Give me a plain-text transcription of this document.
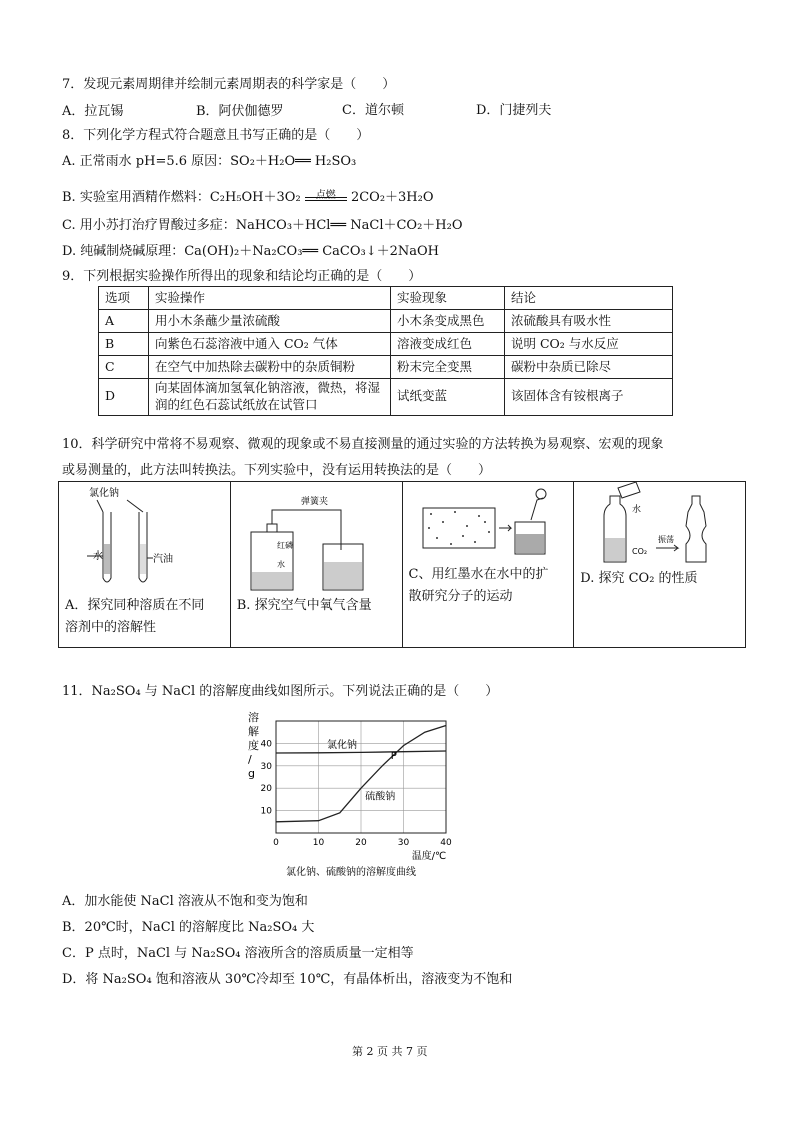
7．发现元素周期律并绘制元素周期表的科学家是（　　）
A．拉瓦锡	B．阿伏伽德罗	C．道尔顿	D．门捷列夫
8．下列化学方程式符合题意且书写正确的是（　　）
A. 正常雨水 pH=5.6 原因：SO₂＋H₂O══ H₂SO₃
B. 实验室用酒精作燃料：C₂H₅OH＋3O₂	点燃	2CO₂＋3H₂O
C. 用小苏打治疗胃酸过多症：NaHCO₃＋HCl══ NaCl＋CO₂＋H₂O
D. 纯碱制烧碱原理：Ca(OH)₂＋Na₂CO₃══ CaCO₃↓＋2NaOH
9．下列根据实验操作所得出的现象和结论均正确的是（　　）
选项	实验操作	实验现象	结论
A	用小木条蘸少量浓硫酸	小木条变成黑色	浓硫酸具有吸水性
B	向紫色石蕊溶液中通入 CO₂ 气体	溶液变成红色	说明 CO₂ 与水反应
C	在空气中加热除去碳粉中的杂质铜粉	粉末完全变黑	碳粉中杂质已除尽
D	向某固体滴加氢氧化钠溶液，微热，将湿润的红色石蕊试纸放在试管口	试纸变蓝	该固体含有铵根离子
10．科学研究中常将不易观察、微观的现象或不易直接测量的通过实验的方法转换为易观察、宏观的现象
或易测量的，此方法叫转换法。下列实验中，没有运用转换法的是（　　）
氯化钠
水	汽油
A．探究同种溶质在不同溶剂中的溶解性
弹簧夹
红磷
水
B. 探究空气中氧气含量
C、用红墨水在水中的扩散研究分子的运动
水
CO₂
振荡
D. 探究 CO₂ 的性质
11．Na₂SO₄ 与 NaCl 的溶解度曲线如图所示。下列说法正确的是（　　）
0	10	20	30	40
10
20
30
40
溶解度/ g
温度/℃
氯化钠
硫酸钠
P
氯化钠、硫酸钠的溶解度曲线
A．加水能使 NaCl 溶液从不饱和变为饱和
B．20℃时，NaCl 的溶解度比 Na₂SO₄ 大
C．P 点时，NaCl 与 Na₂SO₄ 溶液所含的溶质质量一定相等
D．将 Na₂SO₄ 饱和溶液从 30℃冷却至 10℃，有晶体析出，溶液变为不饱和
第 2 页 共 7 页
